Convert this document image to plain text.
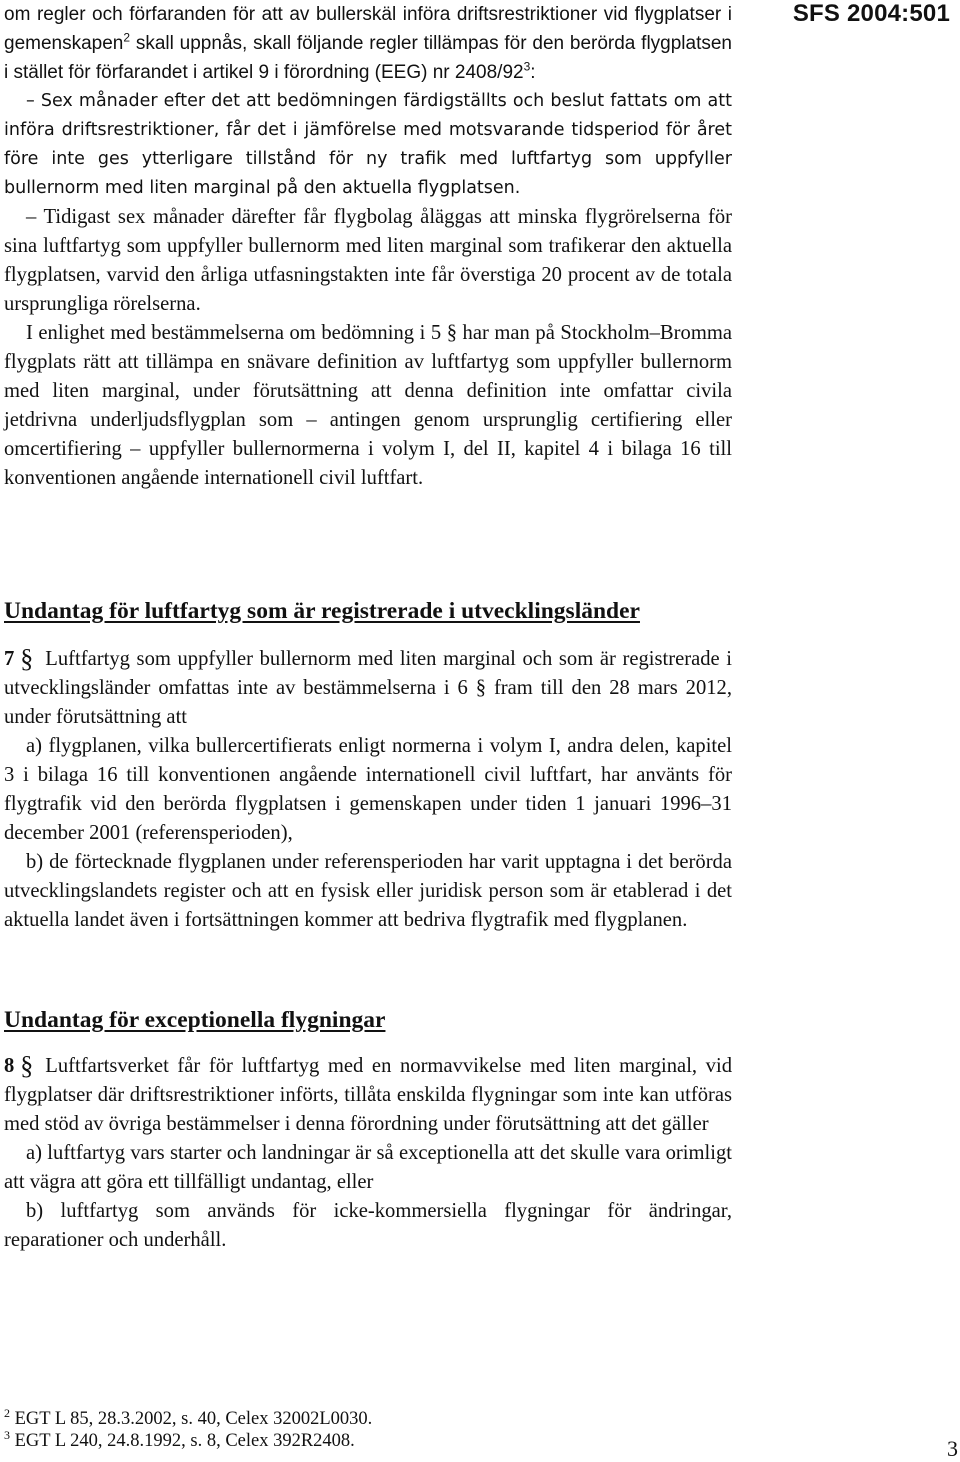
SFS 2004:501

om regler och förfaranden för att av bullerskäl införa driftsrestriktioner vid flygplatser i gemenskapen$^2$ skall uppnås, skall följande regler tillämpas för den berörda flygplatsen i stället för förfarandet i artikel 9 i förordning (EEG) nr $2408/92^3$:

– Sex månader efter det att bedömningen färdigställts och beslut fattats om att införa driftsrestriktioner, får det i jämförelse med motsvarande tidsperiod för året före inte ges ytterligare tillstånd för ny trafik med luftfartyg som uppfyller bullernorm med liten marginal på den aktuella flygplatsen.

– Tidigast sex månader därefter får flygbolag åläggas att minska flygrörelserna för sina luftfartyg som uppfyller bullernorm med liten marginal som trafikerar den aktuella flygplatsen, varvid den årliga utfasningstakten inte får överstiga 20 procent av de totala ursprungliga rörelserna.

I enlighet med bestämmelserna om bedömning i 5 § har man på Stockholm–Bromma flygplats rätt att tillämpa en snävare definition av luftfartyg som uppfyller bullernorm med liten marginal, under förutsättning att denna definition inte omfattar civila jetdrivna underljudsflygplan som – antingen genom ursprunglig certifiering eller omcertifiering – uppfyller bullernormerna i volym I, del II, kapitel 4 i bilaga 16 till konventionen angående internationell civil luftfart.

Undantag för luftfartyg som är registrerade i utvecklingsländer

7 § Luftfartyg som uppfyller bullernorm med liten marginal och som är registrerade i utvecklingsländer omfattas inte av bestämmelserna i 6 § fram till den 28 mars 2012, under förutsättning att

a) flygplanen, vilka bullercertifierats enligt normerna i volym I, andra delen, kapitel 3 i bilaga 16 till konventionen angående internationell civil luftfart, har använts för flygtrafik vid den berörda flygplatsen i gemenskapen under tiden 1 januari 1996–31 december 2001 (referensperioden),

b) de förtecknade flygplanen under referensperioden har varit upptagna i det berörda utvecklingslandets register och att en fysisk eller juridisk person som är etablerad i det aktuella landet även i fortsättningen kommer att bedriva flygtrafik med flygplanen.

Undantag för exceptionella flygningar

8 § Luftfartsverket får för luftfartyg med en normavvikelse med liten marginal, vid flygplatser där driftsrestriktioner införts, tillåta enskilda flygningar som inte kan utföras med stöd av övriga bestämmelser i denna förordning under förutsättning att det gäller

a) luftfartyg vars starter och landningar är så exceptionella att det skulle vara orimligt att vägra att göra ett tillfälligt undantag, eller

b) luftfartyg som används för icke-kommersiella flygningar för ändringar, reparationer och underhåll.

$^2$ EGT L 85, 28.3.2002, s. 40, Celex 32002L0030.
$^3$ EGT L 240, 24.8.1992, s. 8, Celex 392R2408.	3
